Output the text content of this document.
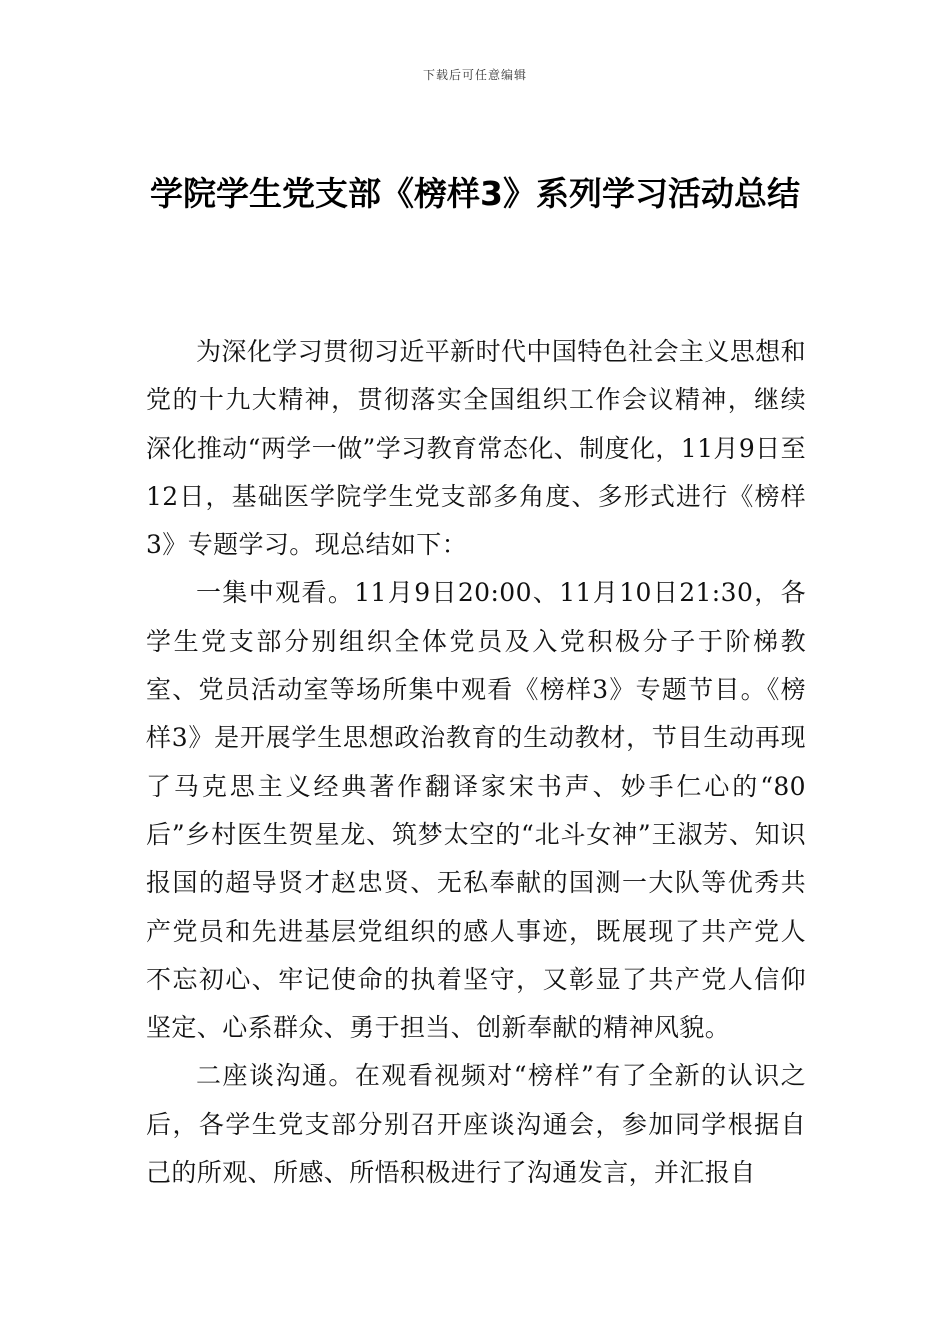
下载后可任意编辑
学院学生党支部《榜样3》系列学习活动总结

为深化学习贯彻习近平新时代中国特色社会主义思想和党的十九大精神，贯彻落实全国组织工作会议精神，继续深化推动“两学一做”学习教育常态化、制度化，11月9日至12日，基础医学院学生党支部多角度、多形式进行《榜样3》专题学习。现总结如下：

一集中观看。11月9日20:00、11月10日21:30，各学生党支部分别组织全体党员及入党积极分子于阶梯教室、党员活动室等场所集中观看《榜样3》专题节目。《榜样3》是开展学生思想政治教育的生动教材，节目生动再现了马克思主义经典著作翻译家宋书声、妙手仁心的“80后”乡村医生贺星龙、筑梦太空的“北斗女神”王淑芳、知识报国的超导贤才赵忠贤、无私奉献的国测一大队等优秀共产党员和先进基层党组织的感人事迹，既展现了共产党人不忘初心、牢记使命的执着坚守，又彰显了共产党人信仰坚定、心系群众、勇于担当、创新奉献的精神风貌。

二座谈沟通。在观看视频对“榜样”有了全新的认识之后，各学生党支部分别召开座谈沟通会，参加同学根据自己的所观、所感、所悟积极进行了沟通发言，并汇报自
